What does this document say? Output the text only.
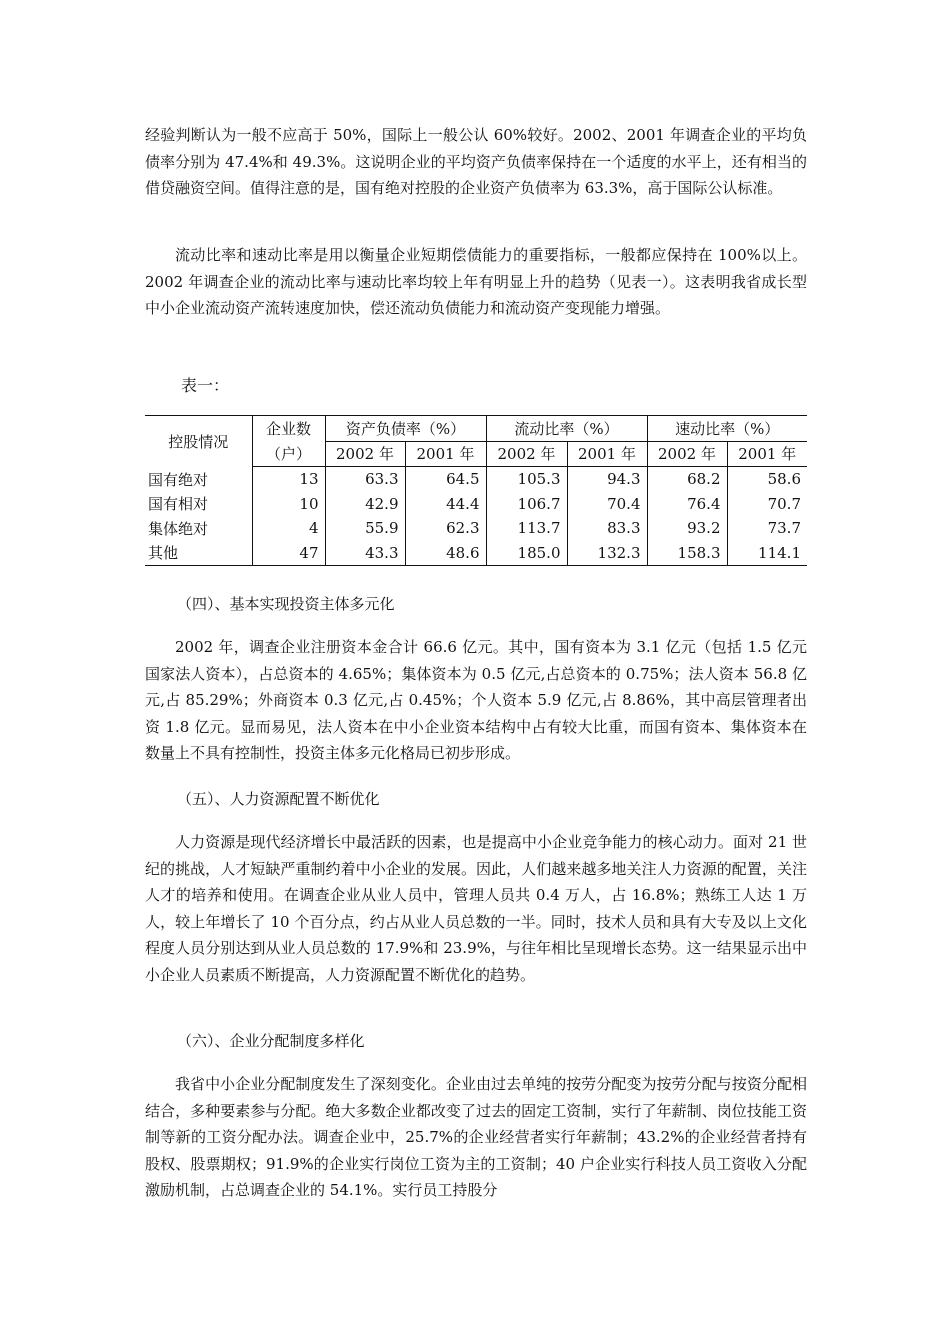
经验判断认为一般不应高于 50%，国际上一般公认 60%较好。2002、2001 年调查企业的平均负债率分别为 47.4%和 49.3%。这说明企业的平均资产负债率保持在一个适度的水平上，还有相当的借贷融资空间。值得注意的是，国有绝对控股的企业资产负债率为 63.3%，高于国际公认标准。

流动比率和速动比率是用以衡量企业短期偿债能力的重要指标，一般都应保持在 100%以上。2002 年调查企业的流动比率与速动比率均较上年有明显上升的趋势（见表一）。这表明我省成长型中小企业流动资产流转速度加快，偿还流动负债能力和流动资产变现能力增强。

表一：

控股情况	企业数	资产负债率（%）		流动比率（%）		速动比率（%）	
	（户）	2002 年	2001 年	2002 年	2001 年	2002 年	2001 年
国有绝对	13	63.3	64.5	105.3	94.3	68.2	58.6
国有相对	10	42.9	44.4	106.7	70.4	76.4	70.7
集体绝对	4	55.9	62.3	113.7	83.3	93.2	73.7
其他	47	43.3	48.6	185.0	132.3	158.3	114.1

（四）、基本实现投资主体多元化

2002 年，调查企业注册资本金合计 66.6 亿元。其中，国有资本为 3.1 亿元（包括 1.5 亿元国家法人资本），占总资本的 4.65%；集体资本为 0.5 亿元,占总资本的 0.75%；法人资本 56.8 亿元,占 85.29%；外商资本 0.3 亿元,占 0.45%；个人资本 5.9 亿元,占 8.86%，其中高层管理者出资 1.8 亿元。显而易见，法人资本在中小企业资本结构中占有较大比重，而国有资本、集体资本在数量上不具有控制性，投资主体多元化格局已初步形成。

（五）、人力资源配置不断优化

人力资源是现代经济增长中最活跃的因素，也是提高中小企业竞争能力的核心动力。面对 21 世纪的挑战，人才短缺严重制约着中小企业的发展。因此，人们越来越多地关注人力资源的配置，关注人才的培养和使用。在调查企业从业人员中，管理人员共 0.4 万人，占 16.8%；熟练工人达 1 万人，较上年增长了 10 个百分点，约占从业人员总数的一半。同时，技术人员和具有大专及以上文化程度人员分别达到从业人员总数的 17.9%和 23.9%，与往年相比呈现增长态势。这一结果显示出中小企业人员素质不断提高，人力资源配置不断优化的趋势。

（六）、企业分配制度多样化

我省中小企业分配制度发生了深刻变化。企业由过去单纯的按劳分配变为按劳分配与按资分配相结合，多种要素参与分配。绝大多数企业都改变了过去的固定工资制，实行了年薪制、岗位技能工资制等新的工资分配办法。调查企业中，25.7%的企业经营者实行年薪制；43.2%的企业经营者持有股权、股票期权；91.9%的企业实行岗位工资为主的工资制；40 户企业实行科技人员工资收入分配激励机制，占总调查企业的 54.1%。实行员工持股分
